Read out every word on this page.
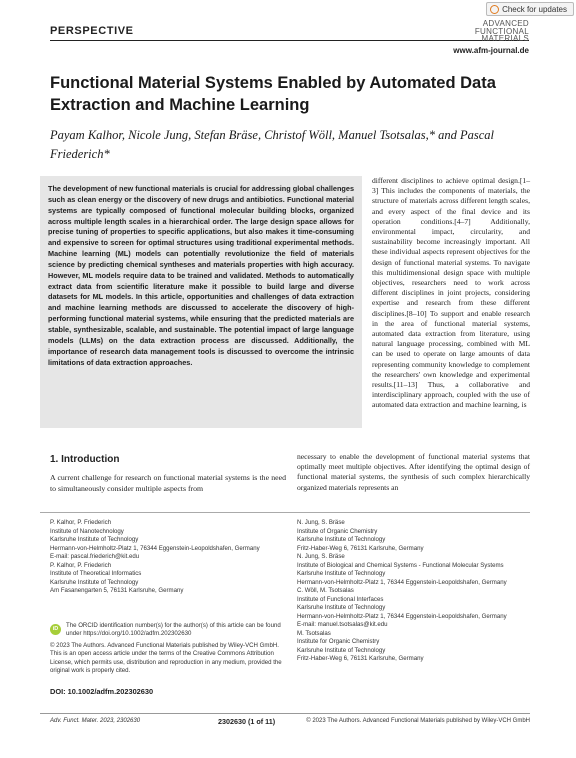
Check for updates
PERSPECTIVE
ADVANCED
FUNCTIONAL
MATERIALS
www.afm-journal.de
Functional Material Systems Enabled by Automated Data Extraction and Machine Learning
Payam Kalhor, Nicole Jung, Stefan Bräse, Christof Wöll, Manuel Tsotsalas,* and Pascal Friederich*
The development of new functional materials is crucial for addressing global challenges such as clean energy or the discovery of new drugs and antibiotics. Functional material systems are typically composed of functional molecular building blocks, organized across multiple length scales in a hierarchical order. The large design space allows for precise tuning of properties to specific applications, but also makes it time-consuming and expensive to screen for optimal structures using traditional experimental methods. Machine learning (ML) models can potentially revolutionize the field of materials science by predicting chemical syntheses and materials properties with high accuracy. However, ML models require data to be trained and validated. Methods to automatically extract data from scientific literature make it possible to build large and diverse datasets for ML models. In this article, opportunities and challenges of data extraction and machine learning methods are discussed to accelerate the discovery of high-performing functional material systems, while ensuring that the predicted materials are stable, synthesizable, scalable, and sustainable. The potential impact of large language models (LLMs) on the data extraction process are discussed. Additionally, the importance of research data management tools is discussed to overcome the intrinsic limitations of data extraction approaches.
different disciplines to achieve optimal design.[1–3] This includes the components of materials, the structure of materials across different length scales, and every aspect of the final device and its operation conditions.[4–7] Additionally, environmental impact, circularity, and sustainability become increasingly important. All these individual aspects represent objectives for the design of functional material systems. To navigate this multidimensional design space with multiple objectives, researchers need to work across different disciplines in joint projects, considering expertise and research from these different disciplines.[8–10] To support and enable research in the area of functional material systems, automated data extraction from literature, using natural language processing, combined with ML can be used to operate on large amounts of data representing community knowledge to complement the researchers' own knowledge and experimental results.[11–13] Thus, a collaborative and interdisciplinary approach, coupled with the use of automated data extraction and machine learning, is
necessary to enable the development of functional material systems that optimally meet multiple objectives. After identifying the optimal design of functional material systems, the synthesis of such complex hierarchically organized materials represents an
1. Introduction
A current challenge for research on functional material systems is the need to simultaneously consider multiple aspects from
P. Kalhor, P. Friederich
Institute of Nanotechnology
Karlsruhe Institute of Technology
Hermann-von-Helmholtz-Platz 1, 76344 Eggenstein-Leopoldshafen, Germany
E-mail: pascal.friederich@kit.edu
P. Kalhor, P. Friederich
Institute of Theoretical Informatics
Karlsruhe Institute of Technology
Am Fasanengarten 5, 76131 Karlsruhe, Germany
N. Jung, S. Bräse
Institute of Organic Chemistry
Karlsruhe Institute of Technology
Fritz-Haber-Weg 6, 76131 Karlsruhe, Germany
N. Jung, S. Bräse
Institute of Biological and Chemical Systems - Functional Molecular Systems
Karlsruhe Institute of Technology
Hermann-von-Helmholtz-Platz 1, 76344 Eggenstein-Leopoldshafen, Germany
C. Wöll, M. Tsotsalas
Institute of Functional Interfaces
Karlsruhe Institute of Technology
Hermann-von-Helmholtz-Platz 1, 76344 Eggenstein-Leopoldshafen, Germany
E-mail: manuel.tsotsalas@kit.edu
M. Tsotsalas
Institute for Organic Chemistry
Karlsruhe Institute of Technology
Fritz-Haber-Weg 6, 76131 Karlsruhe, Germany
iD	The ORCID identification number(s) for the author(s) of this article can be found under https://doi.org/10.1002/adfm.202302630
© 2023 The Authors. Advanced Functional Materials published by Wiley-VCH GmbH. This is an open access article under the terms of the Creative Commons Attribution License, which permits use, distribution and reproduction in any medium, provided the original work is properly cited.
DOI: 10.1002/adfm.202302630
Adv. Funct. Mater. 2023, 2302630	2302630 (1 of 11)	© 2023 The Authors. Advanced Functional Materials published by Wiley-VCH GmbH
